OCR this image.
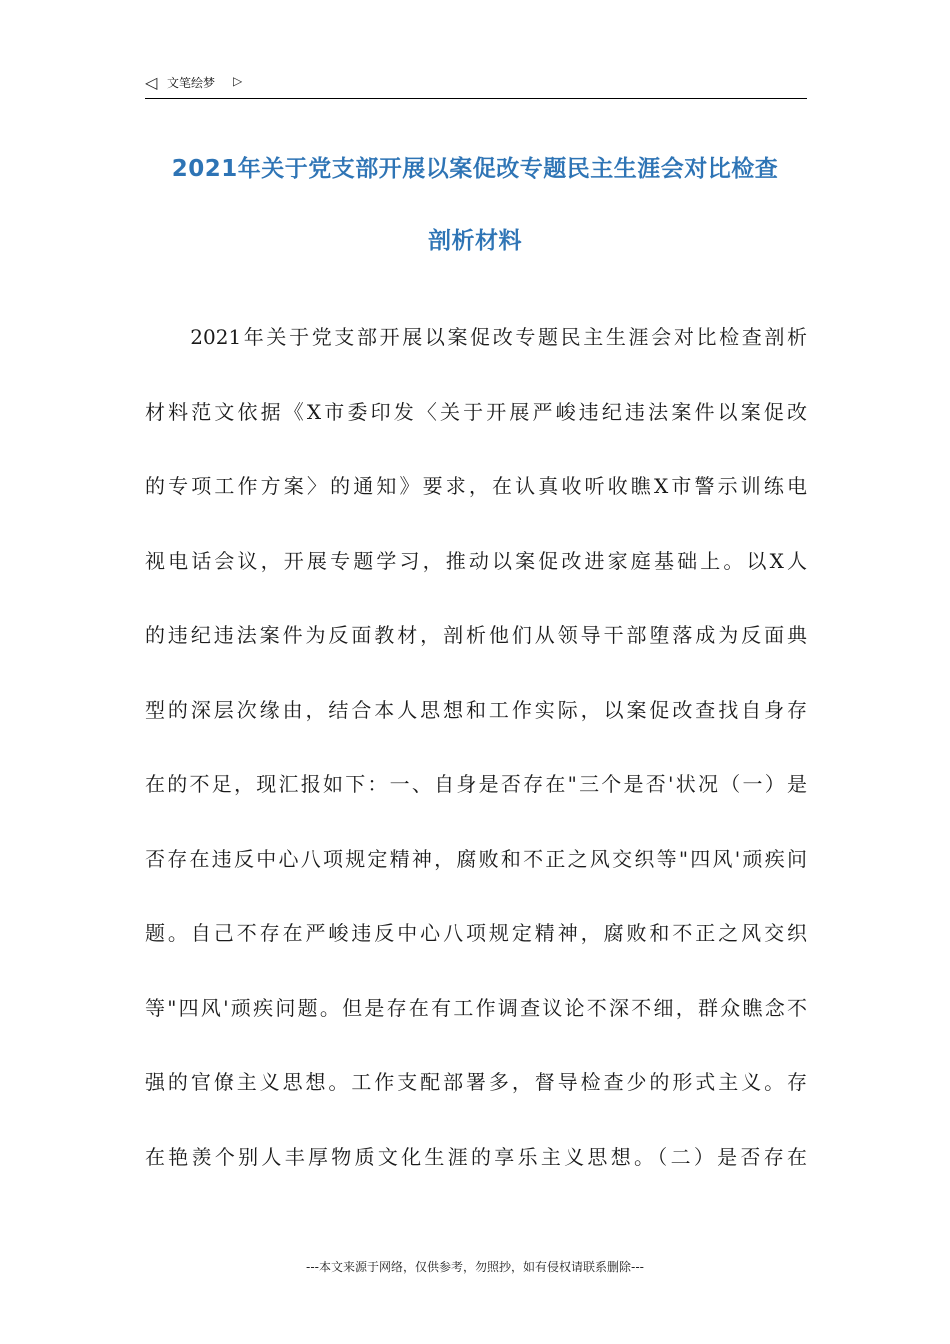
◁ 文笔绘梦 ▷
2021年关于党支部开展以案促改专题民主生涯会对比检查
剖析材料
　　2021年关于党支部开展以案促改专题民主生涯会对比检查剖析
材料范文依据《X市委印发〈关于开展严峻违纪违法案件以案促改
的专项工作方案〉的通知》要求，在认真收听收瞧X市警示训练电
视电话会议，开展专题学习，推动以案促改进家庭基础上。以X人
的违纪违法案件为反面教材，剖析他们从领导干部堕落成为反面典
型的深层次缘由，结合本人思想和工作实际，以案促改查找自身存
在的不足，现汇报如下：一、自身是否存在"三个是否'状况（一）是
否存在违反中心八项规定精神，腐败和不正之风交织等"四风'顽疾问
题。自己不存在严峻违反中心八项规定精神，腐败和不正之风交织
等"四风'顽疾问题。但是存在有工作调查议论不深不细，群众瞧念不
强的官僚主义思想。工作支配部署多，督导检查少的形式主义。存
在艳羡个别人丰厚物质文化生涯的享乐主义思想。（二）是否存在
---本文来源于网络，仅供参考，勿照抄，如有侵权请联系删除---
